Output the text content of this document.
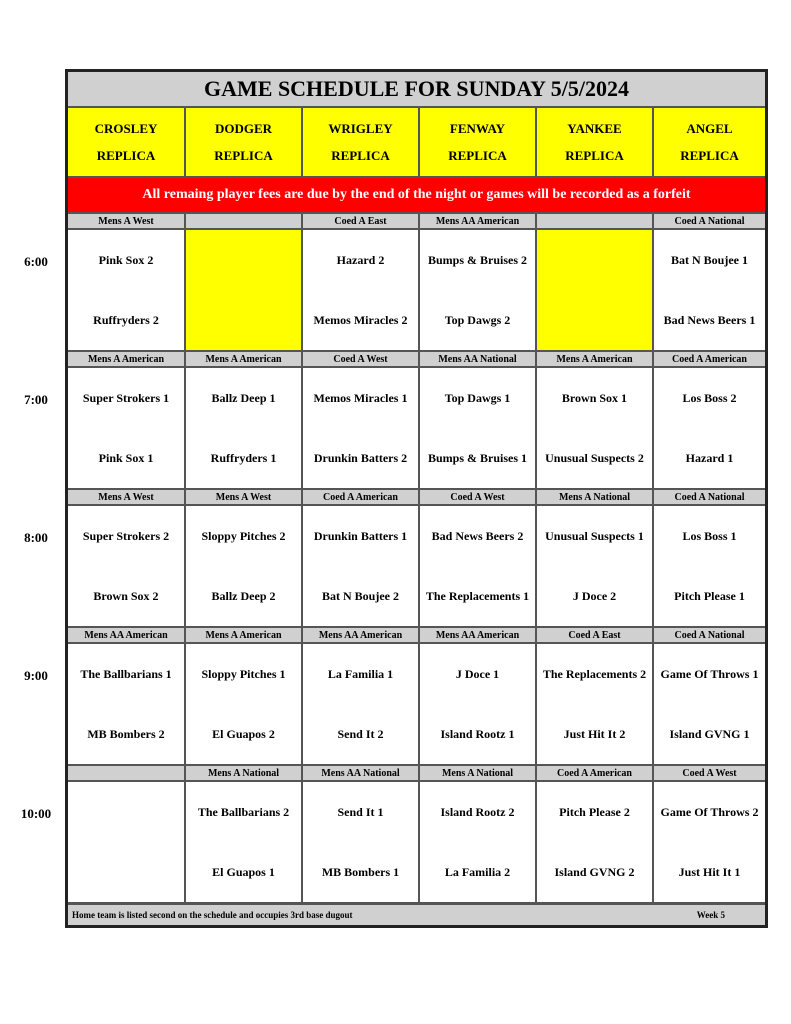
GAME SCHEDULE FOR SUNDAY 5/5/2024
CROSLEY
REPLICA
DODGER
REPLICA
WRIGLEY
REPLICA
FENWAY
REPLICA
YANKEE
REPLICA
ANGEL
REPLICA
All remaing player fees are due by the end of the night or games will be recorded as a forfeit
Mens A West
Pink Sox 2
Ruffryders 2
Coed A East
Hazard 2
Memos Miracles 2
Mens AA American
Bumps & Bruises 2
Top Dawgs 2
Coed A National
Bat N Boujee 1
Bad News Beers 1
Mens A American
Super Strokers 1
Pink Sox 1
Mens A American
Ballz Deep 1
Ruffryders 1
Coed A West
Memos Miracles 1
Drunkin Batters 2
Mens AA National
Top Dawgs 1
Bumps & Bruises 1
Mens A American
Brown Sox 1
Unusual Suspects 2
Coed A American
Los Boss 2
Hazard 1
Mens A West
Super Strokers 2
Brown Sox 2
Mens A West
Sloppy Pitches 2
Ballz Deep 2
Coed A American
Drunkin Batters 1
Bat N Boujee 2
Coed A West
Bad News Beers 2
The Replacements 1
Mens A National
Unusual Suspects 1
J Doce 2
Coed A National
Los Boss 1
Pitch Please 1
Mens AA American
The Ballbarians 1
MB Bombers 2
Mens A American
Sloppy Pitches 1
El Guapos 2
Mens AA American
La Familia 1
Send It 2
Mens AA American
J Doce 1
Island Rootz 1
Coed A East
The Replacements 2
Just Hit It 2
Coed A National
Game Of Throws 1
Island GVNG 1
Mens A National
The Ballbarians 2
El Guapos 1
Mens AA National
Send It 1
MB Bombers 1
Mens A National
Island Rootz 2
La Familia 2
Coed A American
Pitch Please 2
Island GVNG 2
Coed A West
Game Of Throws 2
Just Hit It 1
Home team is listed second on the schedule and occupies 3rd base dugout	Week 5
6:00
7:00
8:00
9:00
10:00
